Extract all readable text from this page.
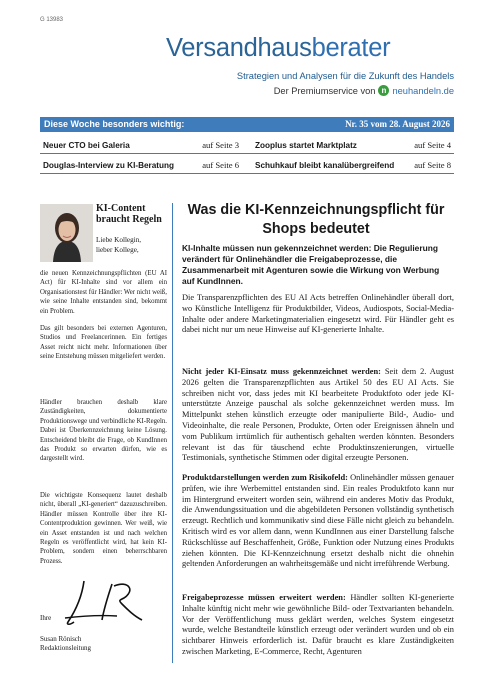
G 13983
Versandhausberater
Strategien und Analysen für die Zukunft des Handels
Der Premiumservice von n neuhandeln.de
Diese Woche besonders wichtig:	Nr. 35 vom 28. August 2026
Neuer CTO bei Galeria	auf Seite 3 Zooplus startet Marktplatz	auf Seite 4
Douglas-Interview zu KI-Beratung	auf Seite 6 Schuhkauf bleibt kanalübergreifend auf Seite 8
KI-Content braucht Regeln
Liebe Kollegin,
lieber Kollege,

die neuen Kennzeichnungspflichten (EU AI Act) für KI-Inhalte sind vor allem ein Organisationstest für Händler: Wer nicht weiß, wie seine Inhalte entstanden sind, bekommt ein Problem.

Das gilt besonders bei externen Agenturen, Studios und Freelancerinnen. Ein fertiges Asset reicht nicht mehr. Informationen über seine Entstehung müssen mitgeliefert werden.

Händler brauchen deshalb klare Zuständigkeiten, dokumentierte Produktionswege und verbindliche KI-Regeln. Dabei ist Überkennzeichnung keine Lösung. Entscheidend bleibt die Frage, ob KundInnen das Produkt so erwarten dürfen, wie es dargestellt wird.

Die wichtigste Konsequenz lautet deshalb nicht, überall „KI-generiert“ dazuzuschreiben. Händler müssen Kontrolle über ihre KI-Contentproduktion gewinnen. Wer weiß, wie ein Asset entstanden ist und nach welchen Regeln es veröffentlicht wird, hat kein KI-Problem, sondern einen beherrschbaren Prozess.

Ihre
Susan Rönisch
Redaktionsleitung
Was die KI-Kennzeichnungspflicht für Shops bedeutet
KI-Inhalte müssen nun gekennzeichnet werden: Die Regulierung verändert für Onlinehändler die Freigabeprozesse, die Zusammenarbeit mit Agenturen sowie die Wirkung von Werbung auf KundInnen.

Die Transparenzpflichten des EU AI Acts betreffen Onlinehändler überall dort, wo Künstliche Intelligenz für Produktbilder, Videos, Audiospots, Social-Media-Inhalte oder andere Marketingmaterialien eingesetzt wird. Für Händler geht es dabei nicht nur um neue Hinweise auf KI-generierte Inhalte.

Nicht jeder KI-Einsatz muss gekennzeichnet werden: Seit dem 2. August 2026 gelten die Transparenzpflichten aus Artikel 50 des EU AI Acts. Sie schreiben nicht vor, dass jedes mit KI bearbeitete Produktfoto oder jede KI-unterstützte Anzeige pauschal als solche gekennzeichnet werden muss. Im Mittelpunkt stehen künstlich erzeugte oder manipulierte Bild-, Audio- und Videoinhalte, die reale Personen, Produkte, Orten oder Ereignissen ähneln und vom Publikum irrtümlich für authentisch gehalten werden könnten. Besonders relevant ist das für täuschend echte Produktinszenierungen, virtuelle Testimonials, synthetische Stimmen oder digital erzeugte Personen.

Produktdarstellungen werden zum Risikofeld: Onlinehändler müssen genauer prüfen, wie ihre Werbemittel entstanden sind. Ein reales Produktfoto kann nur im Hintergrund erweitert worden sein, während ein anderes Motiv das Produkt, die Anwendungssituation und die abgebildeten Personen vollständig synthetisch erzeugt. Rechtlich und kommunikativ sind diese Fälle nicht gleich zu behandeln. Kritisch wird es vor allem dann, wenn KundInnen aus einer Darstellung falsche Rückschlüsse auf Beschaffenheit, Größe, Funktion oder Nutzung eines Produkts ziehen könnten. Die KI-Kennzeichnung ersetzt deshalb nicht die ohnehin geltenden Anforderungen an wahrheitsgemäße und nicht irreführende Werbung.

Freigabeprozesse müssen erweitert werden: Händler sollten KI-generierte Inhalte künftig nicht mehr wie gewöhnliche Bild- oder Textvarianten behandeln. Vor der Veröffentlichung muss geklärt werden, welches System eingesetzt wurde, welche Bestandteile künstlich erzeugt oder verändert wurden und ob ein sichtbarer Hinweis erforderlich ist. Dafür braucht es klare Zuständigkeiten zwischen Marketing, E-Commerce, Recht, Agenturen
